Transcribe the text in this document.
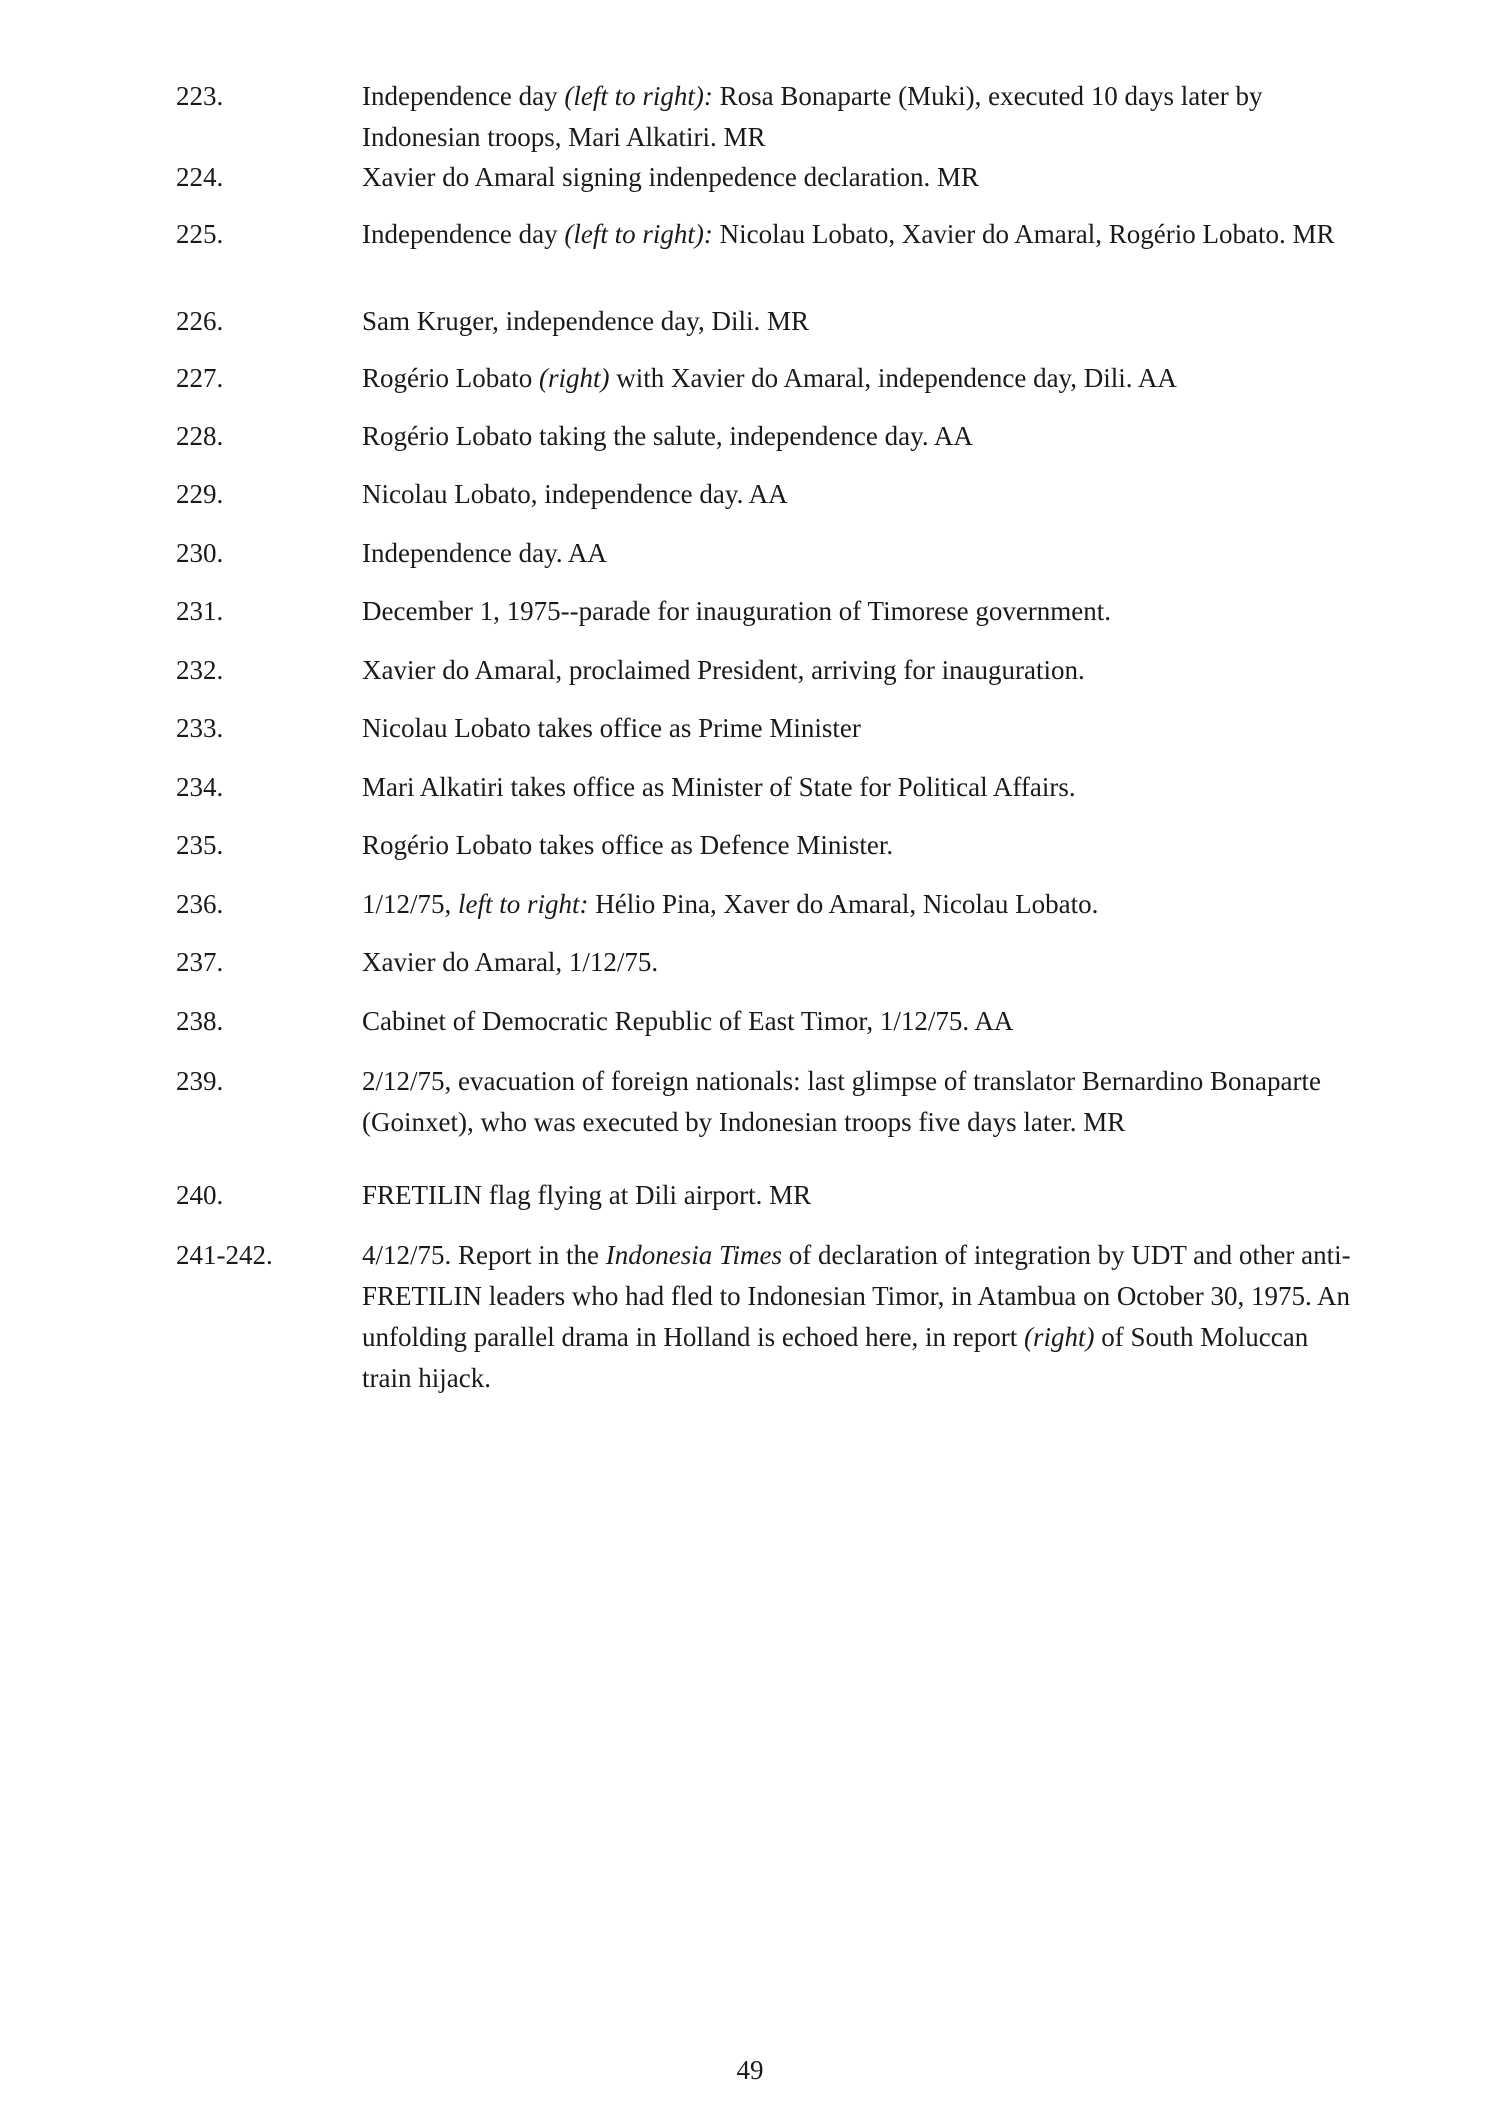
223.	Independence day (left to right): Rosa Bonaparte (Muki), executed 10 days later by Indonesian troops, Mari Alkatiri. MR
224.	Xavier do Amaral signing indenpedence declaration. MR
225.	Independence day (left to right): Nicolau Lobato, Xavier do Amaral, Rogério Lobato. MR
226.	Sam Kruger, independence day, Dili. MR
227.	Rogério Lobato (right) with Xavier do Amaral, independence day, Dili. AA
228.	Rogério Lobato taking the salute, independence day. AA
229.	Nicolau Lobato, independence day. AA
230.	Independence day. AA
231.	December 1, 1975--parade for inauguration of Timorese government.
232.	Xavier do Amaral, proclaimed President, arriving for inauguration.
233.	Nicolau Lobato takes office as Prime Minister
234.	Mari Alkatiri takes office as Minister of State for Political Affairs.
235.	Rogério Lobato takes office as Defence Minister.
236.	1/12/75, left to right: Hélio Pina, Xaver do Amaral, Nicolau Lobato.
237.	Xavier do Amaral, 1/12/75.
238.	Cabinet of Democratic Republic of East Timor, 1/12/75. AA
239.	2/12/75, evacuation of foreign nationals: last glimpse of translator Bernardino Bonaparte (Goinxet), who was executed by Indonesian troops five days later. MR
240.	FRETILIN flag flying at Dili airport. MR
241-242.	4/12/75. Report in the Indonesia Times of declaration of integration by UDT and other anti-FRETILIN leaders who had fled to Indonesian Timor, in Atambua on October 30, 1975. An unfolding parallel drama in Holland is echoed here, in report (right) of South Moluccan train hijack.
49
